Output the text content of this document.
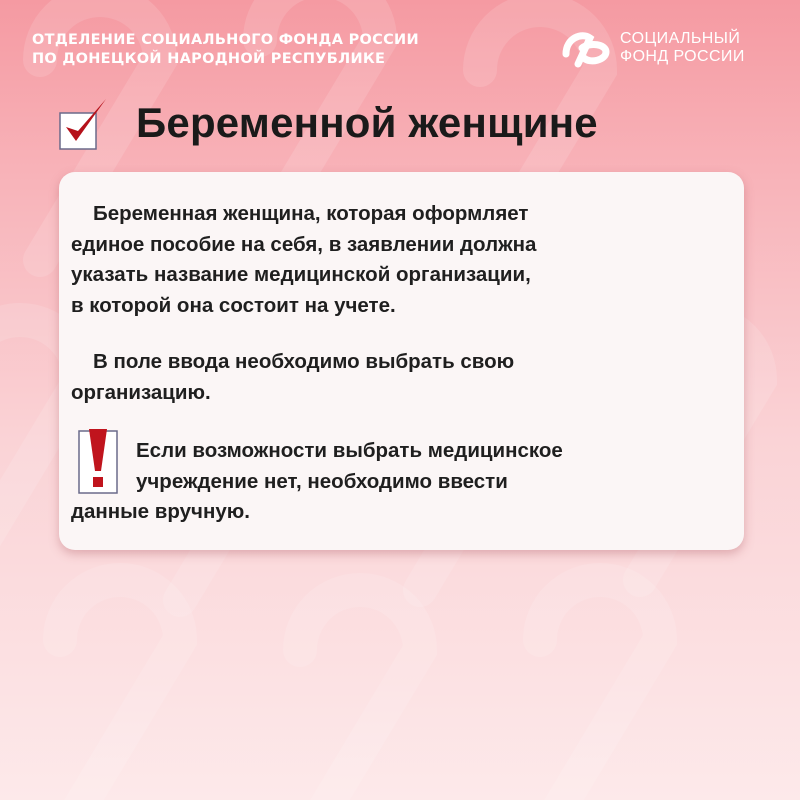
ОТДЕЛЕНИЕ СОЦИАЛЬНОГО ФОНДА РОССИИ
ПО ДОНЕЦКОЙ НАРОДНОЙ РЕСПУБЛИКЕ
СОЦИАЛЬНЫЙ
ФОНД РОССИИ
Беременной женщине

Беременная женщина, которая оформляет
единое пособие на себя, в заявлении должна
указать название медицинской организации,
в которой она состоит на учете.

В поле ввода необходимо выбрать свою
организацию.

Если возможности выбрать медицинское
учреждение нет, необходимо ввести
данные вручную.
